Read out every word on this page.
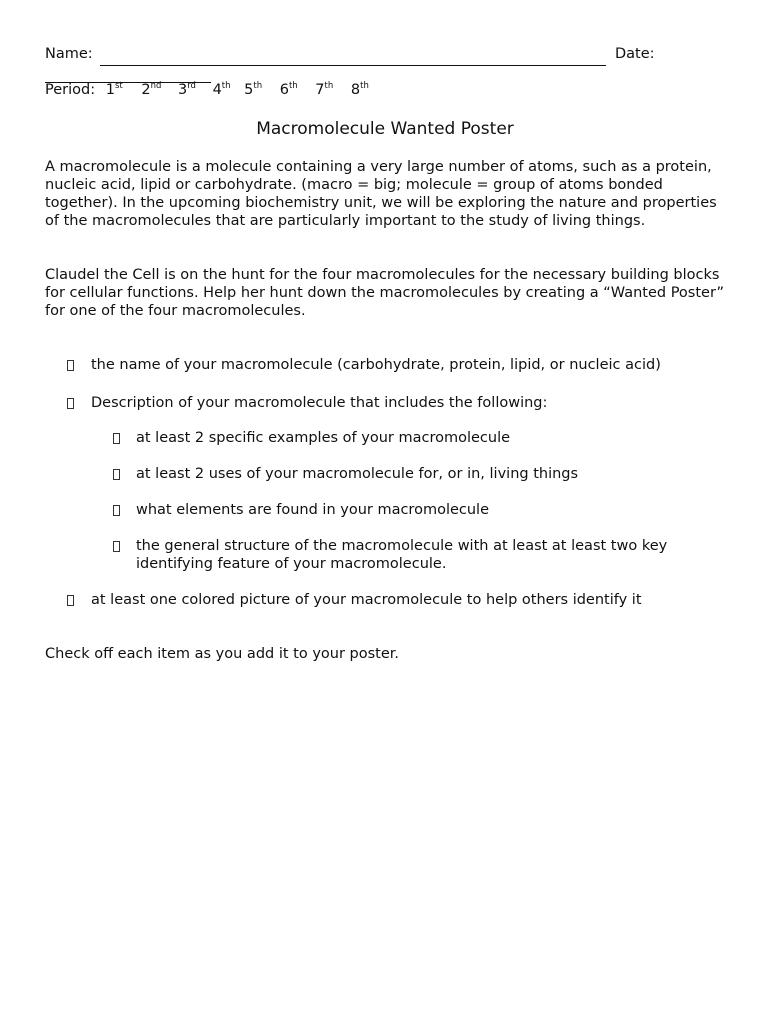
Name:	Date:
Period: 1st 2nd 3rd 4th 5th 6th 7th 8th
Macromolecule Wanted Poster

A macromolecule is a molecule containing a very large number of atoms, such as a protein, nucleic acid, lipid or carbohydrate. (macro = big; molecule = group of atoms bonded together). In the upcoming biochemistry unit, we will be exploring the nature and properties of the macromolecules that are particularly important to the study of living things.

Claudel the Cell is on the hunt for the four macromolecules for the necessary building blocks for cellular functions. Help her hunt down the macromolecules by creating a “Wanted Poster” for one of the four macromolecules.

the name of your macromolecule (carbohydrate, protein, lipid, or nucleic acid)
Description of your macromolecule that includes the following:
at least 2 specific examples of your macromolecule
at least 2 uses of your macromolecule for, or in, living things
what elements are found in your macromolecule
the general structure of the macromolecule with at least at least two key identifying feature of your macromolecule.
at least one colored picture of your macromolecule to help others identify it
Check off each item as you add it to your poster.
